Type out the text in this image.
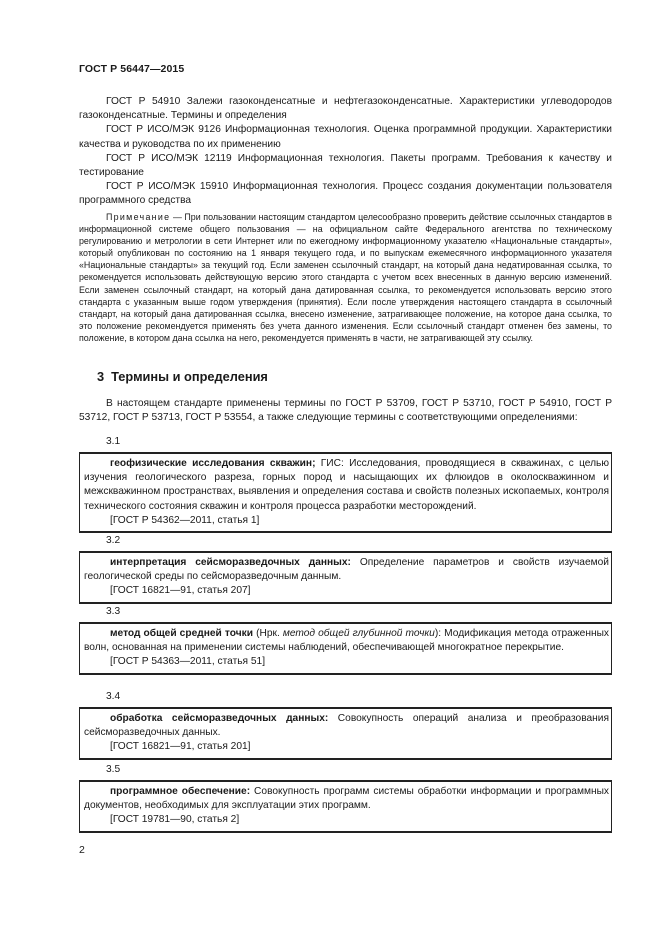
ГОСТ Р 56447—2015

ГОСТ Р 54910 Залежи газоконденсатные и нефтегазоконденсатные. Характеристики углеводородов газоконденсатные. Термины и определения

ГОСТ Р ИСО/МЭК 9126 Информационная технология. Оценка программной продукции. Характеристики качества и руководства по их применению

ГОСТ Р ИСО/МЭК 12119 Информационная технология. Пакеты программ. Требования к качеству и тестирование

ГОСТ Р ИСО/МЭК 15910 Информационная технология. Процесс создания документации пользователя программного средства

Примечание — При пользовании настоящим стандартом целесообразно проверить действие ссылочных стандартов в информационной системе общего пользования — на официальном сайте Федерального агентства по техническому регулированию и метрологии в сети Интернет или по ежегодному информационному указателю «Национальные стандарты», который опубликован по состоянию на 1 января текущего года, и по выпускам ежемесячного информационного указателя «Национальные стандарты» за текущий год. Если заменен ссылочный стандарт, на который дана недатированная ссылка, то рекомендуется использовать действующую версию этого стандарта с учетом всех внесенных в данную версию изменений. Если заменен ссылочный стандарт, на который дана датированная ссылка, то рекомендуется использовать версию этого стандарта с указанным выше годом утверждения (принятия). Если после утверждения настоящего стандарта в ссылочный стандарт, на который дана датированная ссылка, внесено изменение, затрагивающее положение, на которое дана ссылка, то это положение рекомендуется применять без учета данного изменения. Если ссылочный стандарт отменен без замены, то положение, в котором дана ссылка на него, рекомендуется применять в части, не затрагивающей эту ссылку.

3 Термины и определения

В настоящем стандарте применены термины по ГОСТ Р 53709, ГОСТ Р 53710, ГОСТ Р 54910, ГОСТ Р 53712, ГОСТ Р 53713, ГОСТ Р 53554, а также следующие термины с соответствующими определениями:

3.1

геофизические исследования скважин; ГИС: Исследования, проводящиеся в скважинах, с целью изучения геологического разреза, горных пород и насыщающих их флюидов в околоскважинном и межскважинном пространствах, выявления и определения состава и свойств полезных ископаемых, контроля технического состояния скважин и контроля процесса разработки месторождений.

[ГОСТ Р 54362—2011, статья 1]

3.2

интерпретация сейсморазведочных данных: Определение параметров и свойств изучаемой геологической среды по сейсморазведочным данным.

[ГОСТ 16821—91, статья 207]

3.3

метод общей средней точки (Нрк. метод общей глубинной точки): Модификация метода отраженных волн, основанная на применении системы наблюдений, обеспечивающей многократное перекрытие.

[ГОСТ Р 54363—2011, статья 51]

3.4

обработка сейсморазведочных данных: Совокупность операций анализа и преобразования сейсморазведочных данных.

[ГОСТ 16821—91, статья 201]

3.5

программное обеспечение: Совокупность программ системы обработки информации и программных документов, необходимых для эксплуатации этих программ.

[ГОСТ 19781—90, статья 2]

2
